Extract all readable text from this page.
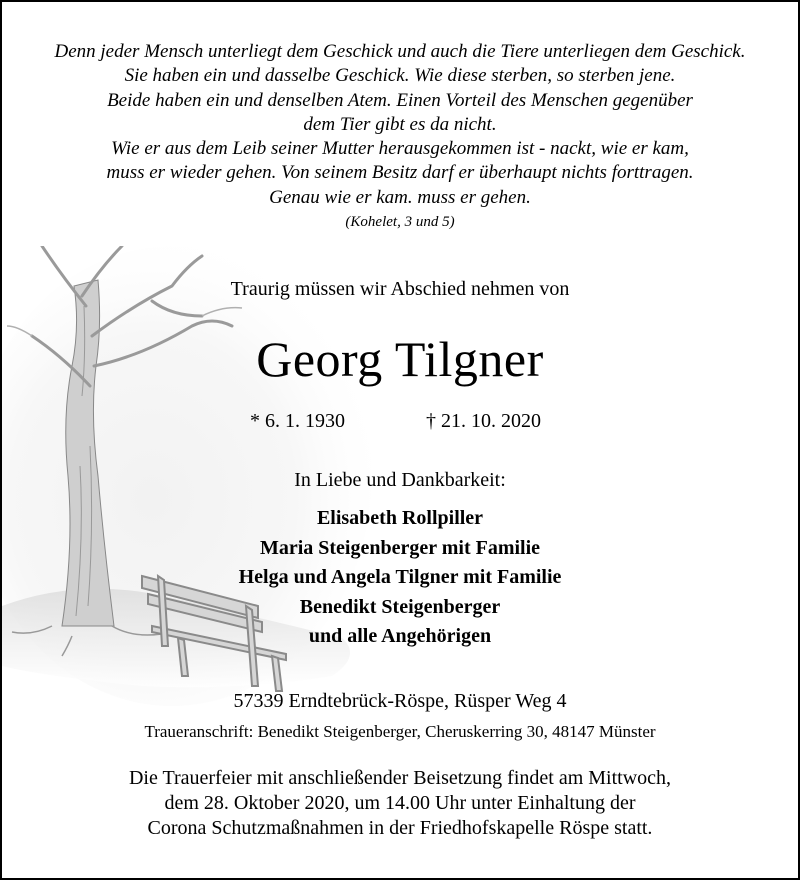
Denn jeder Mensch unterliegt dem Geschick und auch die Tiere unterliegen dem Geschick.
Sie haben ein und dasselbe Geschick. Wie diese sterben, so sterben jene.
Beide haben ein und denselben Atem. Einen Vorteil des Menschen gegenüber
dem Tier gibt es da nicht.
Wie er aus dem Leib seiner Mutter herausgekommen ist - nackt, wie er kam,
muss er wieder gehen. Von seinem Besitz darf er überhaupt nichts forttragen.
Genau wie er kam. muss er gehen.
(Kohelet, 3 und 5)
Traurig müssen wir Abschied nehmen von
Georg Tilgner
* 6. 1. 1930	† 21. 10. 2020
In Liebe und Dankbarkeit:
Elisabeth Rollpiller
Maria Steigenberger mit Familie
Helga und Angela Tilgner mit Familie
Benedikt Steigenberger
und alle Angehörigen
57339 Erndtebrück-Röspe, Rüsper Weg 4
Traueranschrift: Benedikt Steigenberger, Cheruskerring 30, 48147 Münster
Die Trauerfeier mit anschließender Beisetzung findet am Mittwoch,
dem 28. Oktober 2020, um 14.00 Uhr unter Einhaltung der
Corona Schutzmaßnahmen in der Friedhofskapelle Röspe statt.
